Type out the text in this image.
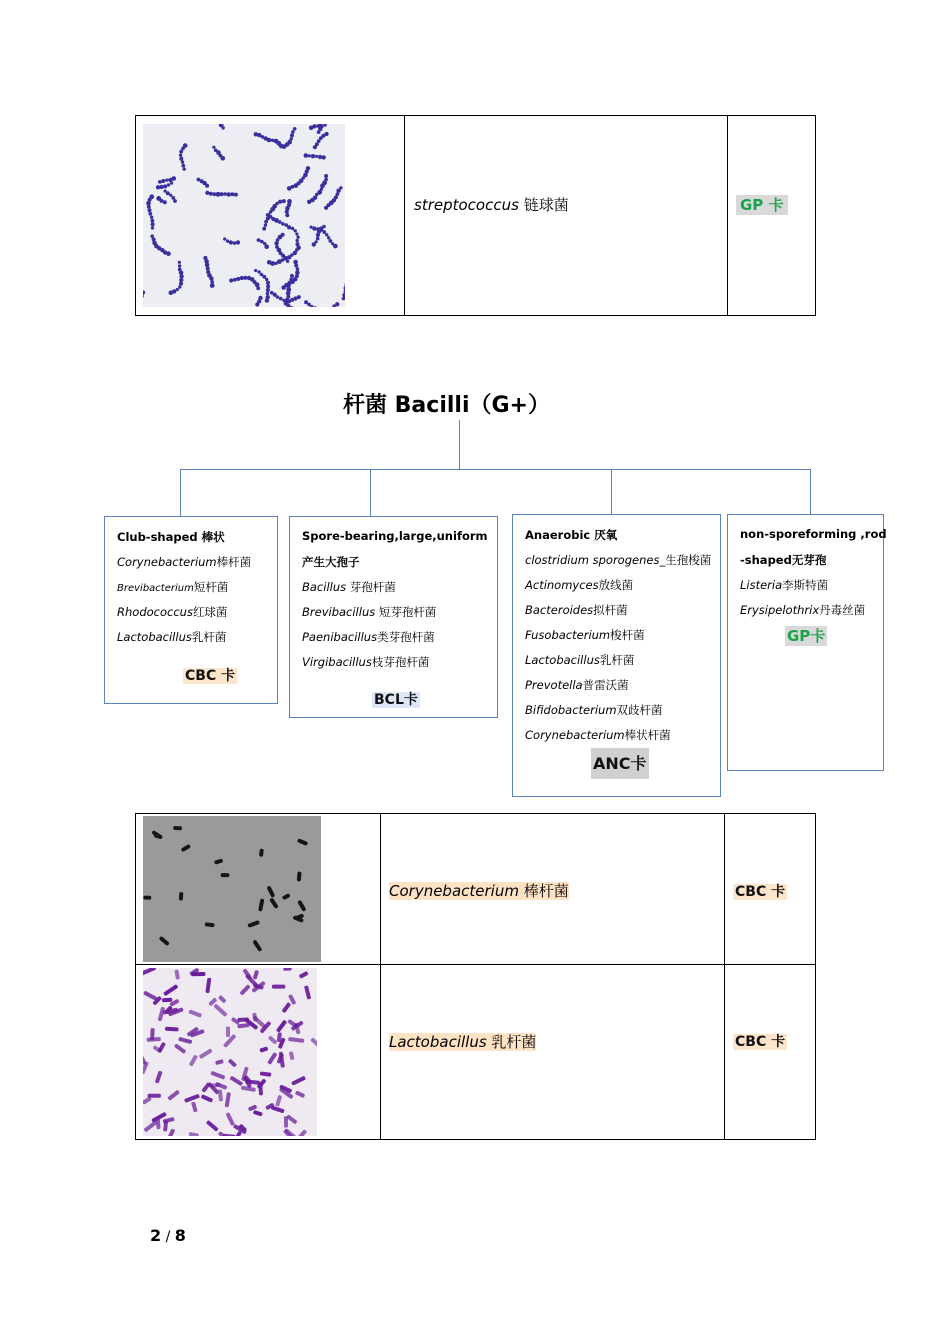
streptococcus 链球菌	GP 卡
杆菌 Bacilli（G+）
Club-shaped 棒状
Corynebacterium棒杆菌
Brevibacterium短杆菌
Rhodococcus红球菌
Lactobacillus乳杆菌
CBC 卡
Spore-bearing,large,uniform
产生大孢子
Bacillus 芽孢杆菌
Brevibacillus 短芽孢杆菌
Paenibacillus类芽孢杆菌
Virgibacillus枝芽孢杆菌
BCL卡
Anaerobic 厌氧
clostridium sporogenes_生孢梭菌
Actinomyces放线菌
Bacteroides拟杆菌
Fusobacterium梭杆菌
Lactobacillus乳杆菌
Prevotella普雷沃菌
Bifidobacterium双歧杆菌
Corynebacterium棒状杆菌
ANC卡
non-sporeforming ,rod
-shaped无芽孢
Listeria李斯特菌
Erysipelothrix丹毒丝菌
GP卡
Corynebacterium 棒杆菌	CBC 卡
Lactobacillus 乳杆菌	CBC 卡
2 / 8
